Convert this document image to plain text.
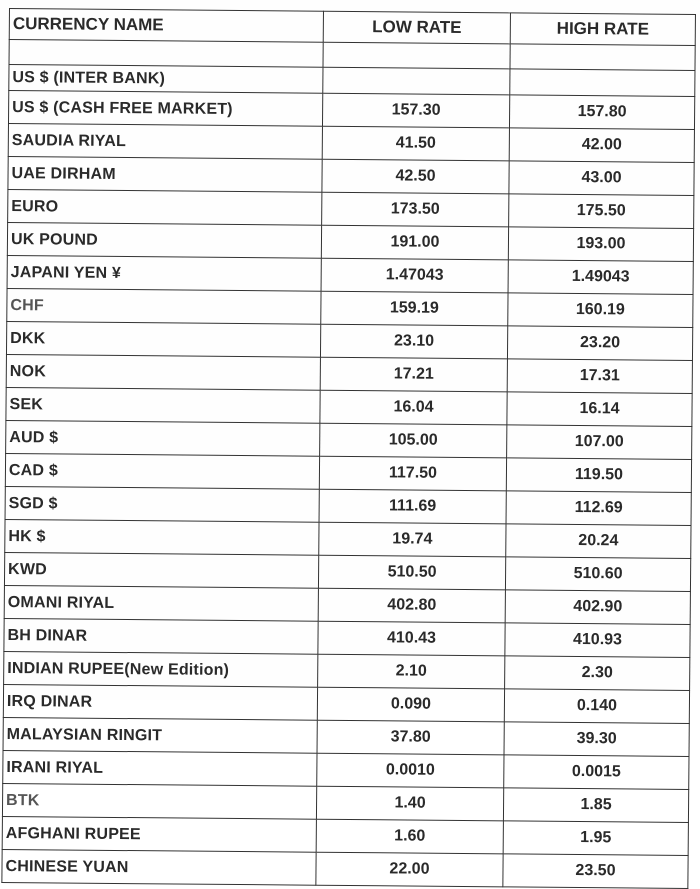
CURRENCY NAME	LOW RATE	HIGH RATE

US $ (INTER BANK)		
US $ (CASH FREE MARKET)	157.30	157.80
SAUDIA RIYAL	41.50	42.00
UAE DIRHAM	42.50	43.00
EURO	173.50	175.50
UK POUND	191.00	193.00
JAPANI YEN ¥	1.47043	1.49043
CHF	159.19	160.19
DKK	23.10	23.20
NOK	17.21	17.31
SEK	16.04	16.14
AUD $	105.00	107.00
CAD $	117.50	119.50
SGD $	111.69	112.69
HK $	19.74	20.24
KWD	510.50	510.60
OMANI RIYAL	402.80	402.90
BH DINAR	410.43	410.93
INDIAN RUPEE(New Edition)	2.10	2.30
IRQ DINAR	0.090	0.140
MALAYSIAN RINGIT	37.80	39.30
IRANI RIYAL	0.0010	0.0015
BTK	1.40	1.85
AFGHANI RUPEE	1.60	1.95
CHINESE YUAN	22.00	23.50
